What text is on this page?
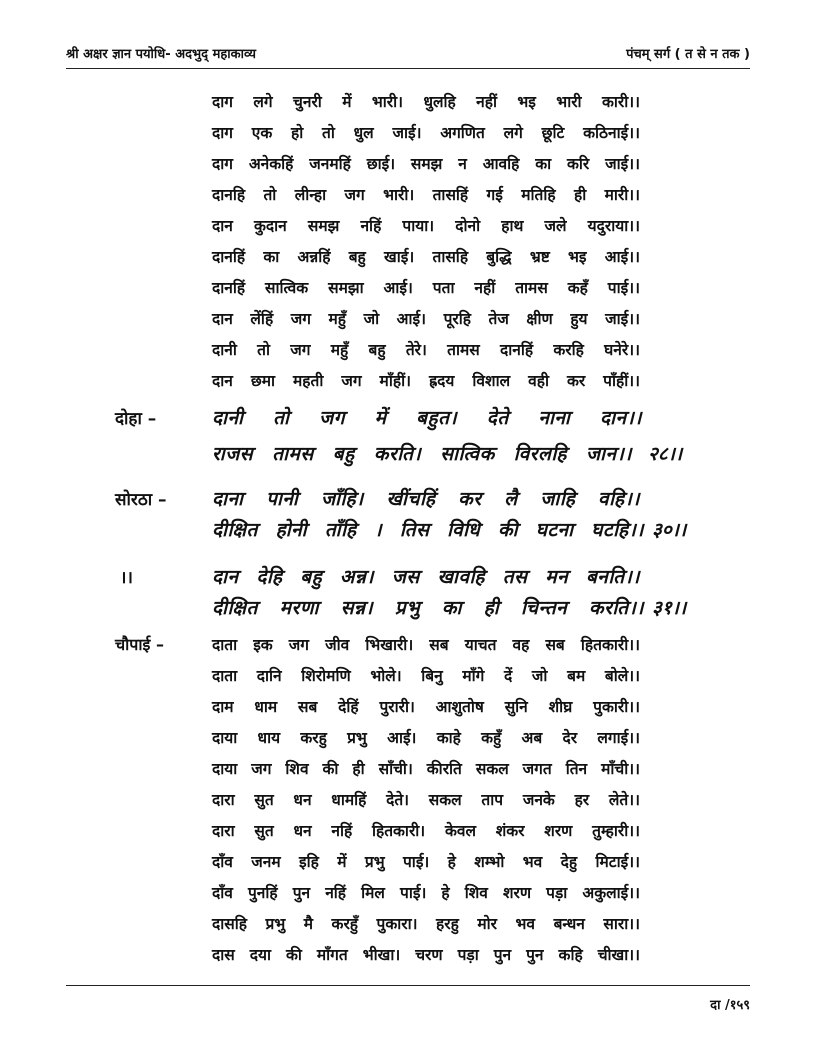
श्री अक्षर ज्ञान पयोधि- अदभुद् महाकाव्य	पंचम् सर्ग ( त से न तक )
दाग लगे चुनरी में भारी। धुलहि नहीं भइ भारी कारी।।
दाग एक हो तो धुल जाई। अगणित लगे छूटि कठिनाई।।
दाग अनेकहिं जनमहिं छाई। समझ न आवहि का करि जाई।।
दानहि तो लीन्हा जग भारी। तासहिं गई मतिहि ही मारी।।
दान कुदान समझ नहिं पाया। दोनो हाथ जले यदुराया।।
दानहिं का अन्नहिं बहु खाई। तासहि बुद्धि भ्रष्ट भइ आई।।
दानहिं सात्विक समझा आई। पता नहीं तामस कहँ पाई।।
दान लेंहिं जग महुँ जो आई। पूरहि तेज क्षीण हुय जाई।।
दानी तो जग महुँ बहु तेरे। तामस दानहिं करहि घनेरे।।
दान छमा महती जग माँहीं। ह्रदय विशाल वही कर पाँहीं।।
दोहा –	दानी तो जग में बहुत। देते नाना दान।।
राजस तामस बहु करति। सात्विक विरलहि जान।। २८।।
सोरठा – दाना पानी जाँहि। खींचहिं कर लै जाहि वहि।।
दीक्षित होनी ताँहि । तिस विधि की घटना घटहि।। ३०।।
।।	दान देहि बहु अन्न। जस खावहि तस मन बनति।।
दीक्षित मरणा सन्न। प्रभु का ही चिन्तन करति।। ३१।।
चौपाई –	दाता इक जग जीव भिखारी। सब याचत वह सब हितकारी।।
दाता दानि शिरोमणि भोले। बिनु माँगे दें जो बम बोले।।
दाम धाम सब देहिं पुरारी। आशुतोष सुनि शीघ्र पुकारी।।
दाया धाय करहु प्रभु आई। काहे कहुँ अब देर लगाई।।
दाया जग शिव की ही साँची। कीरति सकल जगत तिन माँची।।
दारा सुत धन धामहिं देते। सकल ताप जनके हर लेते।।
दारा सुत धन नहिं हितकारी। केवल शंकर शरण तुम्हारी।।
दाँव जनम इहि में प्रभु पाई। हे शम्भो भव देहु मिटाई।।
दाँव पुनहिं पुन नहिं मिल पाई। हे शिव शरण पड़ा अकुलाई।।
दासहि प्रभु मै करहुँ पुकारा। हरहु मोर भव बन्धन सारा।।
दास दया की माँगत भीखा। चरण पड़ा पुन पुन कहि चीखा।।
दा /१५९
